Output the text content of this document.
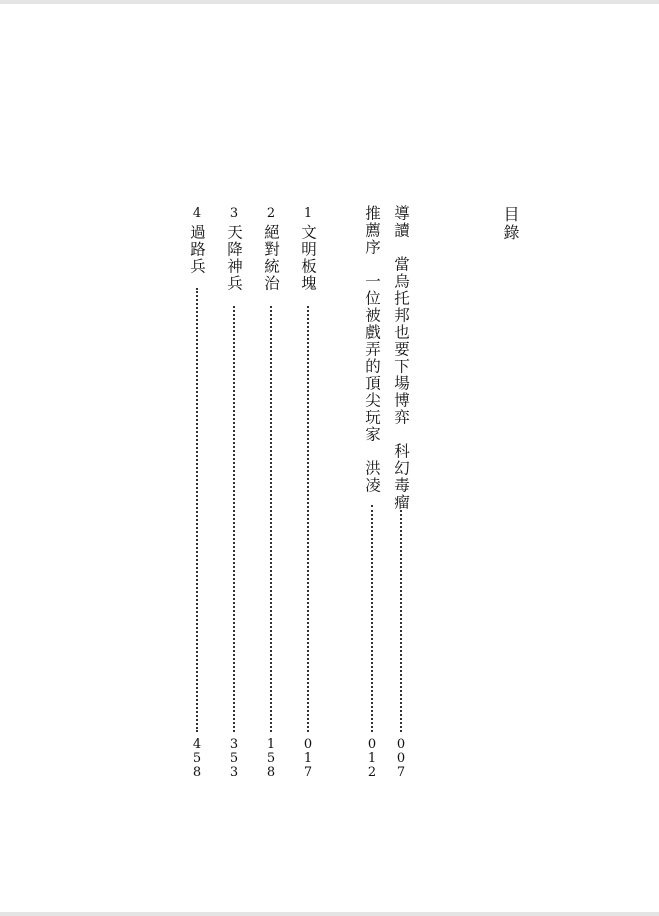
目錄
導讀　當烏托邦也要下場博弈　科幻毒瘤
0
0
7
推薦序　一位被戲弄的頂尖玩家　洪凌
0
1
2
1
文明板塊
0
1
7
2
絕對統治
1
5
8
3
天降神兵
3
5
3
4
過路兵
4
5
8
